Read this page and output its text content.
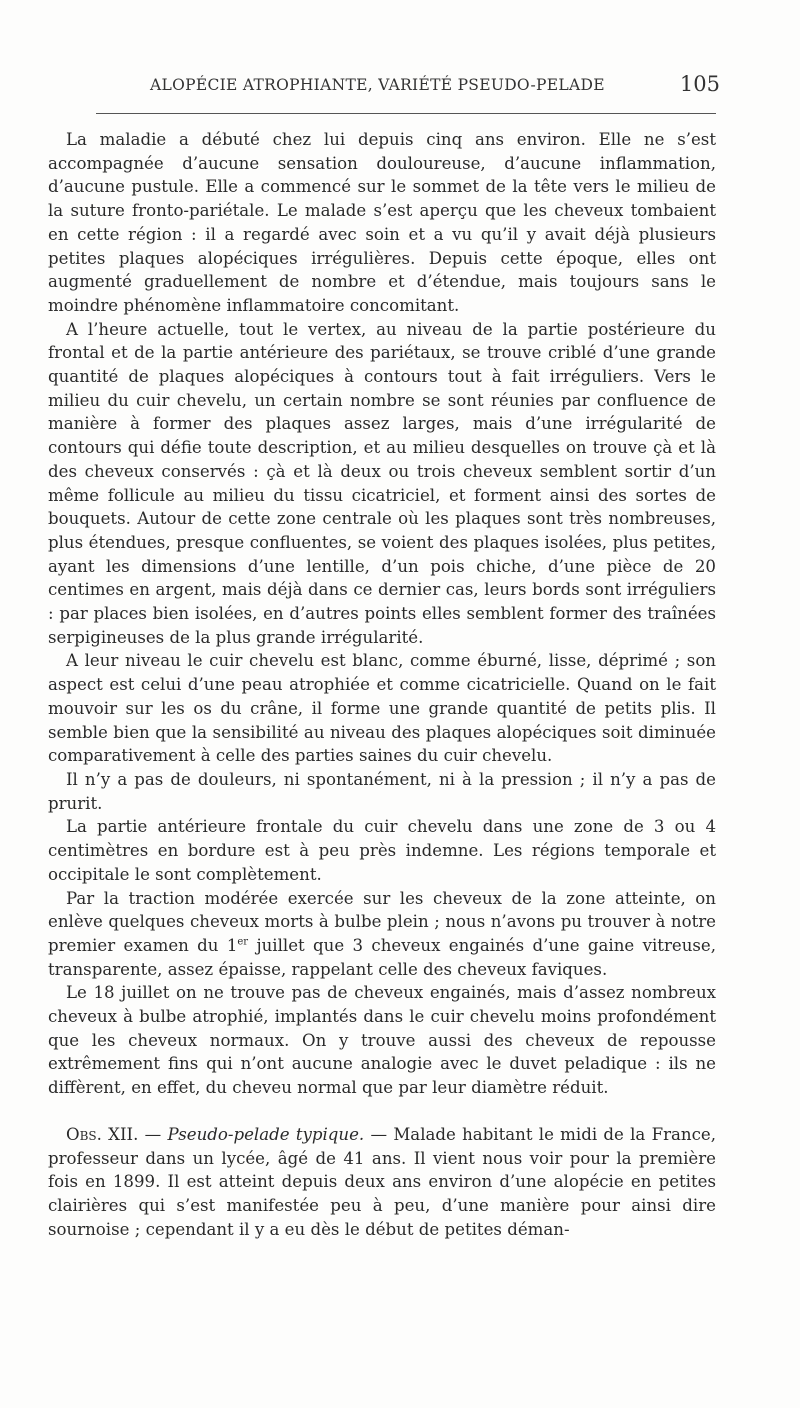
ALOPÉCIE ATROPHIANTE, VARIÉTÉ PSEUDO-PELADE	105

La maladie a débuté chez lui depuis cinq ans environ. Elle ne s’est accompagnée d’aucune sensation douloureuse, d’aucune inflammation, d’aucune pustule. Elle a commencé sur le sommet de la tête vers le milieu de la suture fronto-pariétale. Le malade s’est aperçu que les cheveux tombaient en cette région : il a regardé avec soin et a vu qu’il y avait déjà plusieurs petites plaques alopéciques irrégulières. Depuis cette époque, elles ont augmenté graduellement de nombre et d’étendue, mais toujours sans le moindre phénomène inflammatoire concomitant.

A l’heure actuelle, tout le vertex, au niveau de la partie postérieure du frontal et de la partie antérieure des pariétaux, se trouve criblé d’une grande quantité de plaques alopéciques à contours tout à fait irréguliers. Vers le milieu du cuir chevelu, un certain nombre se sont réunies par confluence de manière à former des plaques assez larges, mais d’une irrégularité de contours qui défie toute description, et au milieu desquelles on trouve çà et là des cheveux conservés : çà et là deux ou trois cheveux semblent sortir d’un même follicule au milieu du tissu cicatriciel, et forment ainsi des sortes de bouquets. Autour de cette zone centrale où les plaques sont très nombreuses, plus étendues, presque confluentes, se voient des plaques isolées, plus petites, ayant les dimensions d’une lentille, d’un pois chiche, d’une pièce de 20 centimes en argent, mais déjà dans ce dernier cas, leurs bords sont irréguliers : par places bien isolées, en d’autres points elles semblent former des traînées serpigineuses de la plus grande irrégularité.

A leur niveau le cuir chevelu est blanc, comme éburné, lisse, déprimé ; son aspect est celui d’une peau atrophiée et comme cicatricielle. Quand on le fait mouvoir sur les os du crâne, il forme une grande quantité de petits plis. Il semble bien que la sensibilité au niveau des plaques alopéciques soit diminuée comparativement à celle des parties saines du cuir chevelu.

Il n’y a pas de douleurs, ni spontanément, ni à la pression ; il n’y a pas de prurit.

La partie antérieure frontale du cuir chevelu dans une zone de 3 ou 4 centimètres en bordure est à peu près indemne. Les régions temporale et occipitale le sont complètement.

Par la traction modérée exercée sur les cheveux de la zone atteinte, on enlève quelques cheveux morts à bulbe plein ; nous n’avons pu trouver à notre premier examen du 1er juillet que 3 cheveux engainés d’une gaine vitreuse, transparente, assez épaisse, rappelant celle des cheveux faviques.

Le 18 juillet on ne trouve pas de cheveux engainés, mais d’assez nombreux cheveux à bulbe atrophié, implantés dans le cuir chevelu moins profondément que les cheveux normaux. On y trouve aussi des cheveux de repousse extrêmement fins qui n’ont aucune analogie avec le duvet peladique : ils ne diffèrent, en effet, du cheveu normal que par leur diamètre réduit.

Obs. XII. — Pseudo-pelade typique. — Malade habitant le midi de la France, professeur dans un lycée, âgé de 41 ans. Il vient nous voir pour la première fois en 1899. Il est atteint depuis deux ans environ d’une alopécie en petites clairières qui s’est manifestée peu à peu, d’une manière pour ainsi dire sournoise ; cependant il y a eu dès le début de petites déman-
